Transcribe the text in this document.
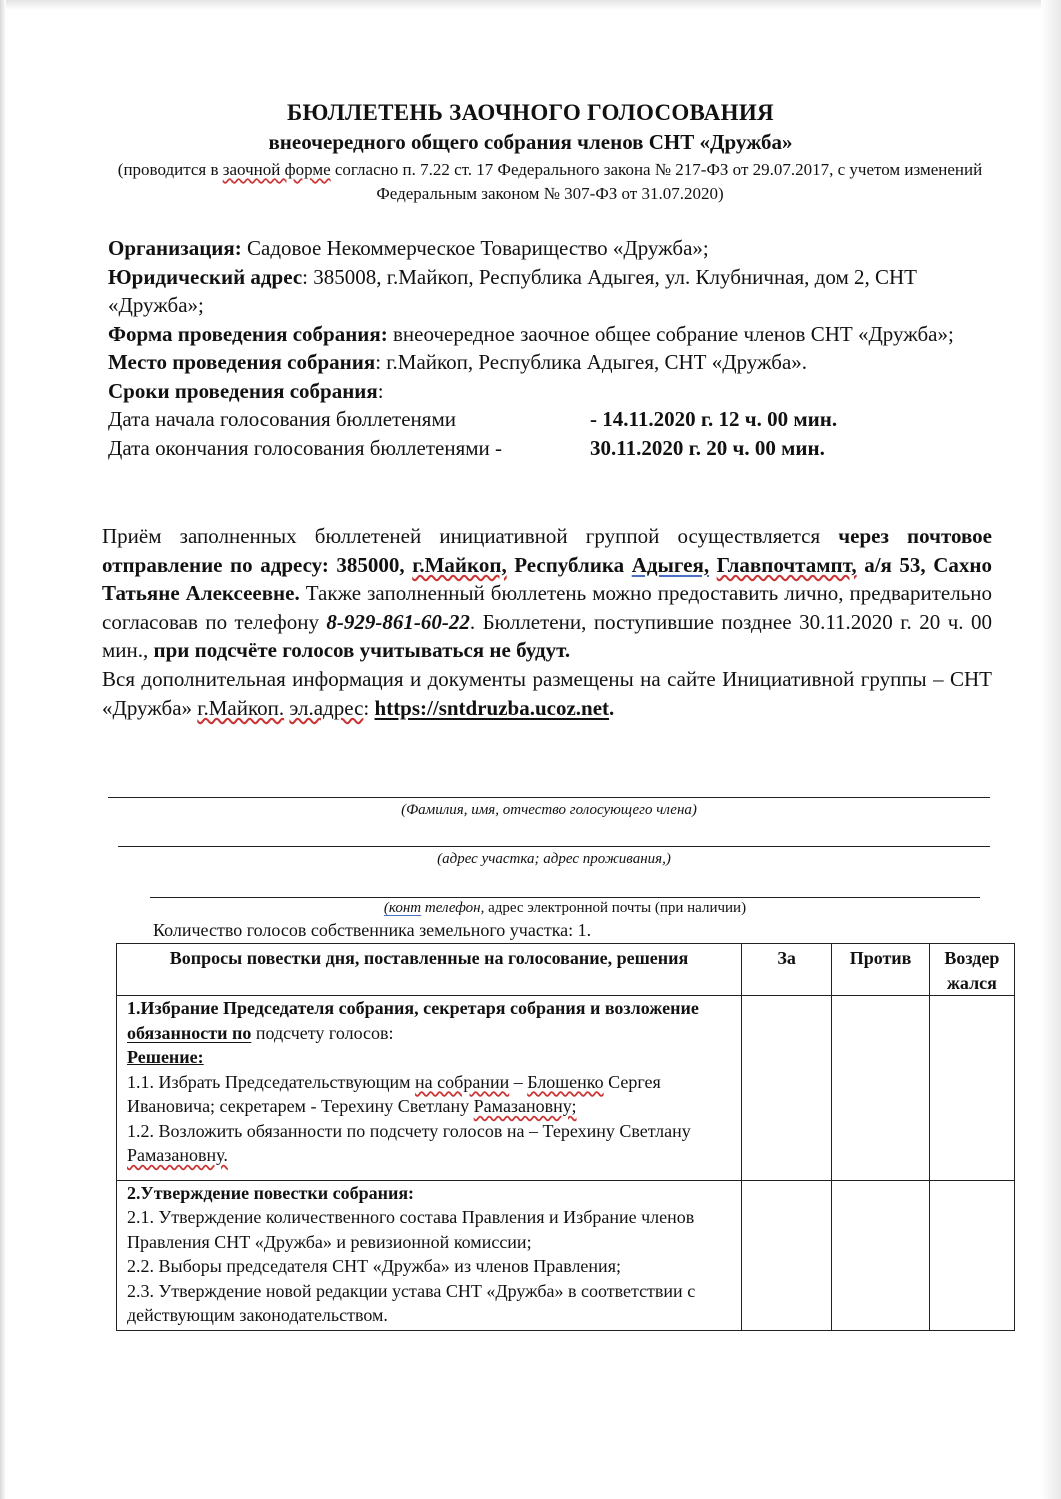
БЮЛЛЕТЕНЬ ЗАОЧНОГО ГОЛОСОВАНИЯ
внеочередного общего собрания членов СНТ «Дружба»
(проводится в заочной форме согласно п. 7.22 ст. 17 Федерального закона № 217-ФЗ от 29.07.2017, с учетом изменений Федеральным законом № 307-ФЗ от 31.07.2020)
Организация: Садовое Некоммерческое Товарищество «Дружба»;
Юридический адрес: 385008, г.Майкоп, Республика Адыгея, ул. Клубничная, дом 2, СНТ «Дружба»;
Форма проведения собрания: внеочередное заочное общее собрание членов СНТ «Дружба»;
Место проведения собрания: г.Майкоп, Республика Адыгея, СНТ «Дружба».
Сроки проведения собрания:
Дата начала голосования бюллетенями	- 14.11.2020 г. 12 ч. 00 мин.
Дата окончания голосования бюллетенями -	30.11.2020 г. 20 ч. 00 мин.
Приём заполненных бюллетеней инициативной группой осуществляется через почтовое отправление по адресу: 385000, г.Майкоп, Республика Адыгея, Главпочтампт, а/я 53, Сахно Татьяне Алексеевне. Также заполненный бюллетень можно предоставить лично, предварительно согласовав по телефону 8-929-861-60-22. Бюллетени, поступившие позднее 30.11.2020 г. 20 ч. 00 мин., при подсчёте голосов учитываться не будут.
Вся дополнительная информация и документы размещены на сайте Инициативной группы – СНТ «Дружба» г.Майкоп. эл.адрес: https://sntdruzba.ucoz.net.
(Фамилия, имя, отчество голосующего члена)
(адрес участка; адрес проживания,)
(конт телефон, адрес электронной почты (при наличии)
Количество голосов собственника земельного участка: 1.
Вопросы повестки дня, поставленные на голосование, решения	За	Против	Воздер жался

1.Избрание Председателя собрания, секретаря собрания и возложение обязанности по подсчету голосов:
Решение:
1.1. Избрать Председательствующим на собрании – Блошенко Сергея Ивановича; секретарем - Терехину Светлану Рамазановну;
1.2. Возложить обязанности по подсчету голосов на – Терехину Светлану Рамазановну.			

2.Утверждение повестки собрания:
2.1. Утверждение количественного состава Правления и Избрание членов Правления СНТ «Дружба» и ревизионной комиссии;
2.2. Выборы председателя СНТ «Дружба» из членов Правления;
2.3. Утверждение новой редакции устава СНТ «Дружба» в соответствии с действующим законодательством.			
